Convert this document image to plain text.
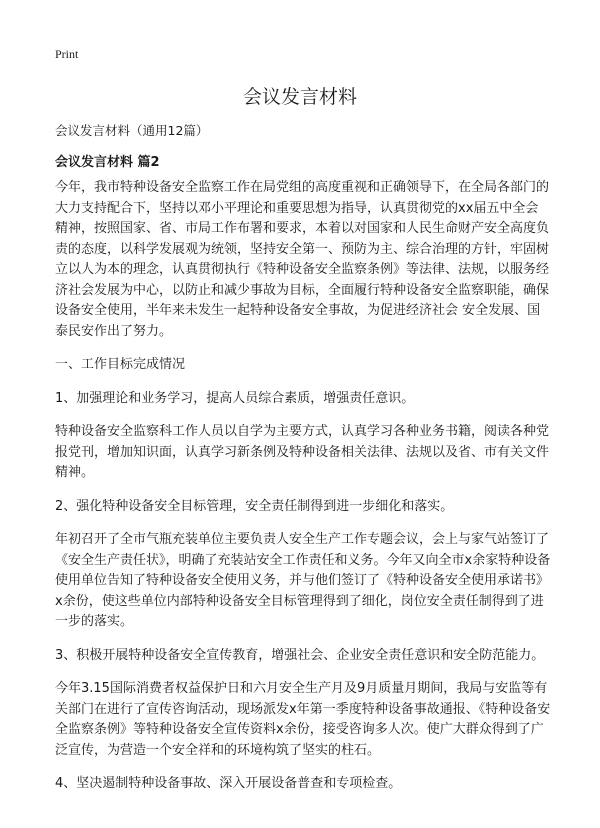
Print
会议发言材料

会议发言材料（通用12篇）

会议发言材料 篇2

今年，我市特种设备安全监察工作在局党组的高度重视和正确领导下，在全局各部门的大力支持配合下，坚持以邓小平理论和重要思想为指导，认真贯彻党的xx届五中全会精神，按照国家、省、市局工作布署和要求，本着以对国家和人民生命财产安全高度负责的态度，以科学发展观为统领，坚持安全第一、预防为主、综合治理的方针，牢固树立以人为本的理念，认真贯彻执行《特种设备安全监察条例》等法律、法规，以服务经济社会发展为中心，以防止和减少事故为目标，全面履行特种设备安全监察职能，确保设备安全使用，半年来未发生一起特种设备安全事故，为促进经济社会 安全发展、国泰民安作出了努力。

一、工作目标完成情况

1、加强理论和业务学习，提高人员综合素质，增强责任意识。

特种设备安全监察科工作人员以自学为主要方式，认真学习各种业务书籍，阅读各种党报党刊，增加知识面，认真学习新条例及特种设备相关法律、法规以及省、市有关文件精神。

2、强化特种设备安全目标管理，安全责任制得到进一步细化和落实。

年初召开了全市气瓶充装单位主要负责人安全生产工作专题会议，会上与家气站签订了《安全生产责任状》，明确了充装站安全工作责任和义务。今年又向全市x余家特种设备使用单位告知了特种设备安全使用义务，并与他们签订了《特种设备安全使用承诺书》x余份，使这些单位内部特种设备安全目标管理得到了细化，岗位安全责任制得到了进一步的落实。

3、积极开展特种设备安全宣传教育，增强社会、企业安全责任意识和安全防范能力。

今年3.15国际消费者权益保护日和六月安全生产月及9月质量月期间，我局与安监等有关部门在进行了宣传咨询活动，现场派发x年第一季度特种设备事故通报、《特种设备安全监察条例》等特种设备安全宣传资料x余份，接受咨询多人次。使广大群众得到了广泛宣传，为营造一个安全祥和的环境构筑了坚实的柱石。

4、坚决遏制特种设备事故、深入开展设备普查和专项检查。
